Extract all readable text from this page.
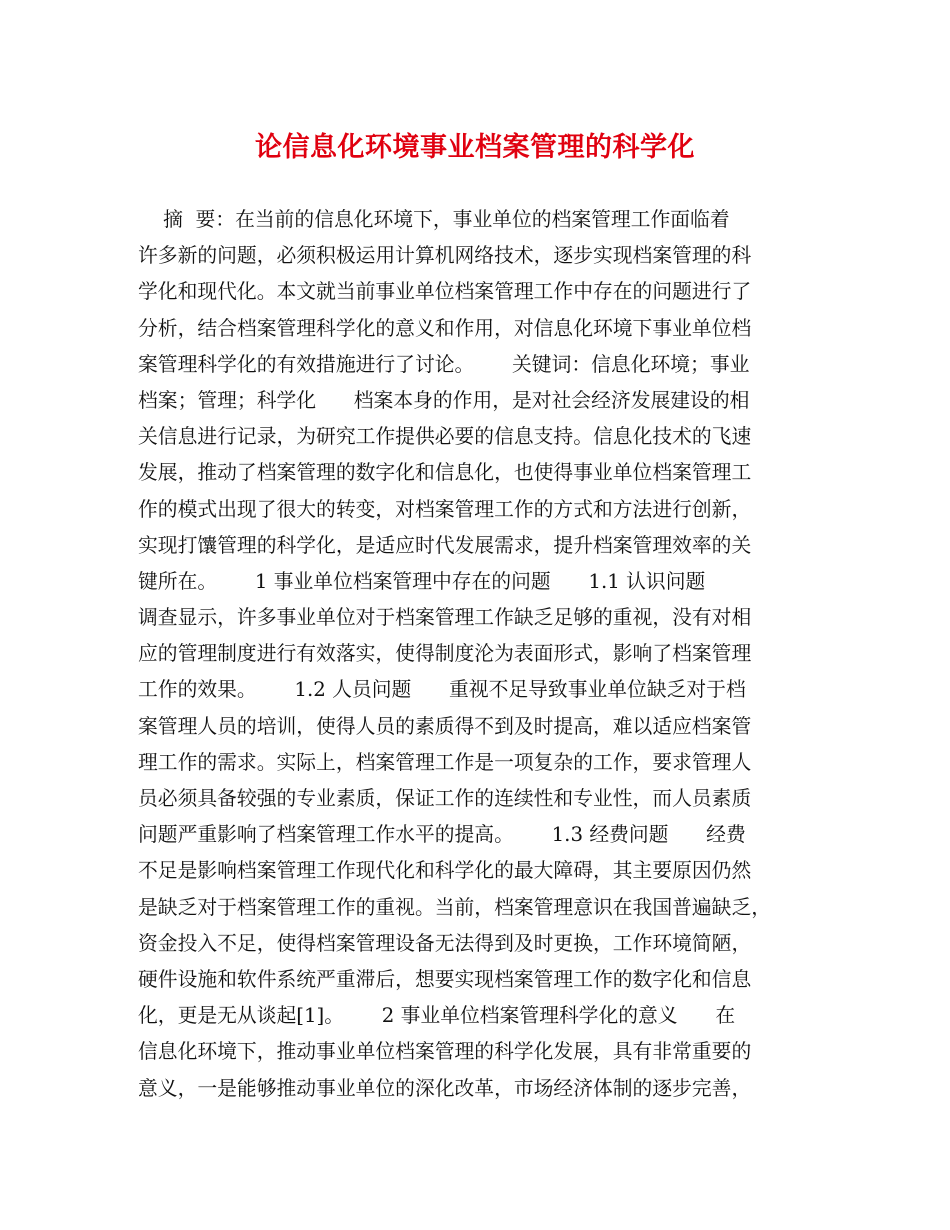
论信息化环境事业档案管理的科学化
摘  要：在当前的信息化环境下，事业单位的档案管理工作面临着
许多新的问题，必须积极运用计算机网络技术，逐步实现档案管理的科
学化和现代化。本文就当前事业单位档案管理工作中存在的问题进行了
分析，结合档案管理科学化的意义和作用，对信息化环境下事业单位档
案管理科学化的有效措施进行了讨论。      关键词：信息化环境；事业
档案；管理；科学化      档案本身的作用，是对社会经济发展建设的相
关信息进行记录，为研究工作提供必要的信息支持。信息化技术的飞速
发展，推动了档案管理的数字化和信息化，也使得事业单位档案管理工
作的模式出现了很大的转变，对档案管理工作的方式和方法进行创新，
实现打馕管理的科学化，是适应时代发展需求，提升档案管理效率的关
键所在。      1 事业单位档案管理中存在的问题      1.1 认识问题
调查显示，许多事业单位对于档案管理工作缺乏足够的重视，没有对相
应的管理制度进行有效落实，使得制度沦为表面形式，影响了档案管理
工作的效果。      1.2 人员问题      重视不足导致事业单位缺乏对于档
案管理人员的培训，使得人员的素质得不到及时提高，难以适应档案管
理工作的需求。实际上，档案管理工作是一项复杂的工作，要求管理人
员必须具备较强的专业素质，保证工作的连续性和专业性，而人员素质
问题严重影响了档案管理工作水平的提高。      1.3 经费问题      经费
不足是影响档案管理工作现代化和科学化的最大障碍，其主要原因仍然
是缺乏对于档案管理工作的重视。当前，档案管理意识在我国普遍缺乏，
资金投入不足，使得档案管理设备无法得到及时更换，工作环境简陋，
硬件设施和软件系统严重滞后，想要实现档案管理工作的数字化和信息
化，更是无从谈起[1]。      2 事业单位档案管理科学化的意义      在
信息化环境下，推动事业单位档案管理的科学化发展，具有非常重要的
意义，一是能够推动事业单位的深化改革，市场经济体制的逐步完善，
